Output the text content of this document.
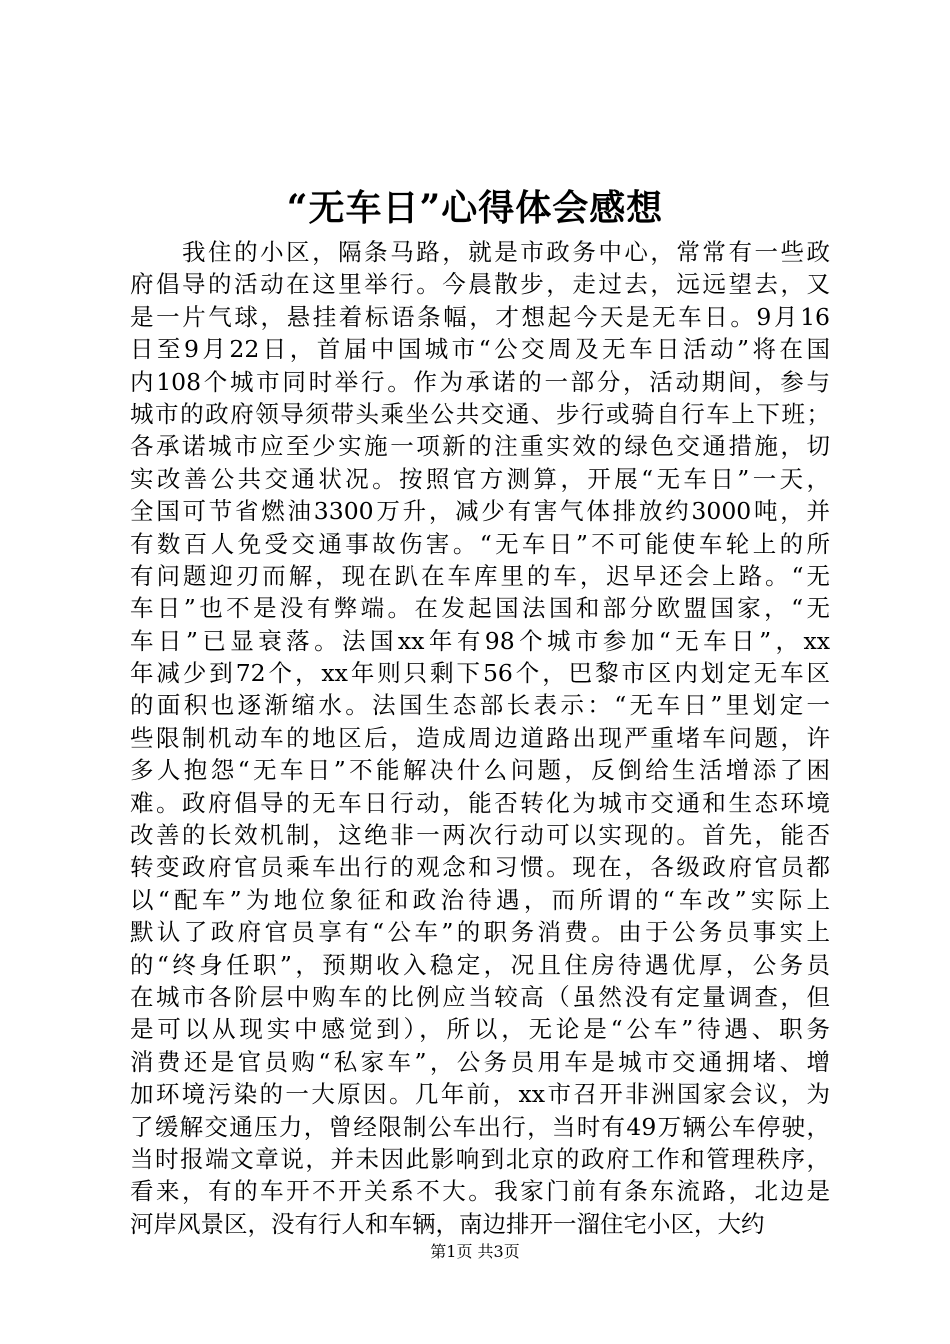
“无车日”心得体会感想
　　我住的小区，隔条马路，就是市政务中心，常常有一些政
府倡导的活动在这里举行。今晨散步，走过去，远远望去，又
是一片气球，悬挂着标语条幅，才想起今天是无车日。9月16
日至9月22日，首届中国城市“公交周及无车日活动”将在国
内108个城市同时举行。作为承诺的一部分，活动期间，参与
城市的政府领导须带头乘坐公共交通、步行或骑自行车上下班；
各承诺城市应至少实施一项新的注重实效的绿色交通措施，切
实改善公共交通状况。按照官方测算，开展“无车日”一天，
全国可节省燃油3300万升，减少有害气体排放约3000吨，并
有数百人免受交通事故伤害。“无车日”不可能使车轮上的所
有问题迎刃而解，现在趴在车库里的车，迟早还会上路。“无
车日”也不是没有弊端。在发起国法国和部分欧盟国家，“无
车日”已显衰落。法国xx年有98个城市参加“无车日”，xx
年减少到72个，xx年则只剩下56个，巴黎市区内划定无车区
的面积也逐渐缩水。法国生态部长表示：“无车日”里划定一
些限制机动车的地区后，造成周边道路出现严重堵车问题，许
多人抱怨“无车日”不能解决什么问题，反倒给生活增添了困
难。政府倡导的无车日行动，能否转化为城市交通和生态环境
改善的长效机制，这绝非一两次行动可以实现的。首先，能否
转变政府官员乘车出行的观念和习惯。现在，各级政府官员都
以“配车”为地位象征和政治待遇，而所谓的“车改”实际上
默认了政府官员享有“公车”的职务消费。由于公务员事实上
的“终身任职”，预期收入稳定，况且住房待遇优厚，公务员
在城市各阶层中购车的比例应当较高（虽然没有定量调查，但
是可以从现实中感觉到），所以，无论是“公车”待遇、职务
消费还是官员购“私家车”，公务员用车是城市交通拥堵、增
加环境污染的一大原因。几年前，xx市召开非洲国家会议，为
了缓解交通压力，曾经限制公车出行，当时有49万辆公车停驶，
当时报端文章说，并未因此影响到北京的政府工作和管理秩序，
看来，有的车开不开关系不大。我家门前有条东流路，北边是
河岸风景区，没有行人和车辆，南边排开一溜住宅小区，大约
第1页 共3页
